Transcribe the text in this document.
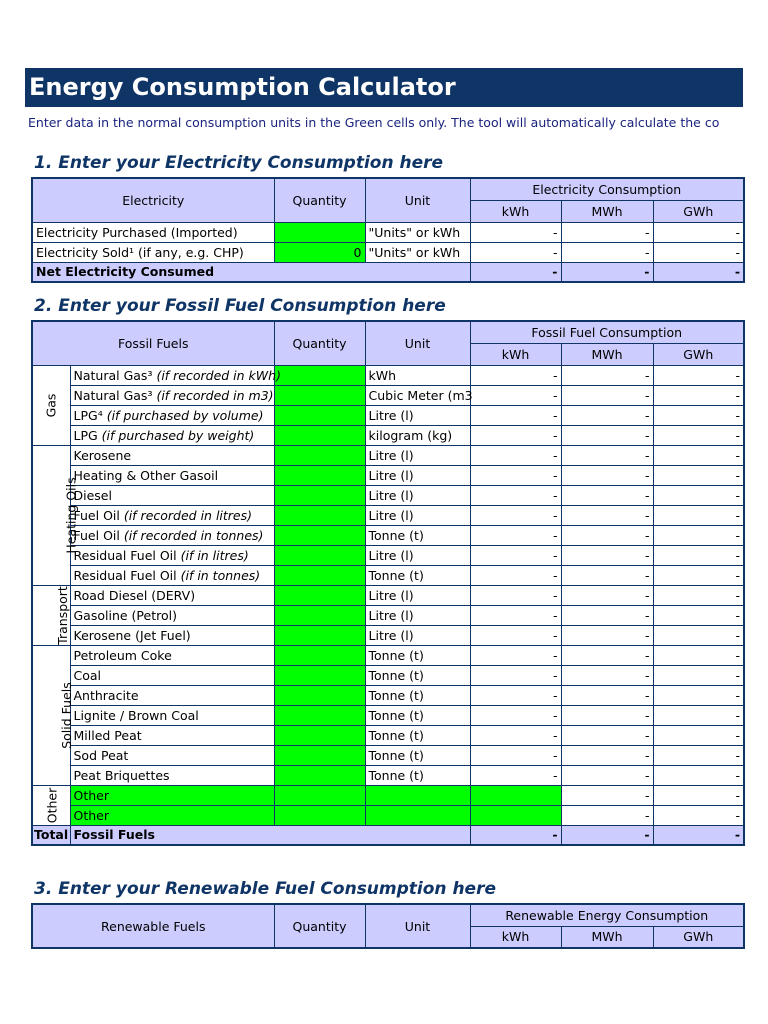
Energy Consumption Calculator
Enter data in the normal consumption units in the Green cells only. The tool will automatically calculate the co
1. Enter your Electricity Consumption here
Electricity	Quantity	Unit	Electricity Consumption		
			kWh	MWh	GWh
Electricity Purchased (Imported)		"Units" or kWh	-	-	-
Electricity Sold¹ (if any, e.g. CHP)	0	"Units" or kWh	-	-	-
Net Electricity Consumed			-	-	-
2. Enter your Fossil Fuel Consumption here
Fossil Fuels		Quantity	Unit	Fossil Fuel Consumption		
				kWh	MWh	GWh
Gas	Natural Gas³ (if recorded in kWh)		kWh	-	-	-
	Natural Gas³ (if recorded in m3)		Cubic Meter (m3	-	-	-
	LPG⁴ (if purchased by volume)		Litre (l)	-	-	-
	LPG (if purchased by weight)		kilogram (kg)	-	-	-
Heating Oils	Kerosene		Litre (l)	-	-	-
	Heating & Other Gasoil		Litre (l)	-	-	-
	Diesel		Litre (l)	-	-	-
	Fuel Oil (if recorded in litres)		Litre (l)	-	-	-
	Fuel Oil (if recorded in tonnes)		Tonne (t)	-	-	-
	Residual Fuel Oil (if in litres)		Litre (l)	-	-	-
	Residual Fuel Oil (if in tonnes)		Tonne (t)	-	-	-
Transport	Road Diesel (DERV)		Litre (l)	-	-	-
	Gasoline (Petrol)		Litre (l)	-	-	-
	Kerosene (Jet Fuel)		Litre (l)	-	-	-
Solid Fuels	Petroleum Coke		Tonne (t)	-	-	-
	Coal		Tonne (t)	-	-	-
	Anthracite		Tonne (t)	-	-	-
	Lignite / Brown Coal		Tonne (t)	-	-	-
	Milled Peat		Tonne (t)	-	-	-
	Sod Peat		Tonne (t)	-	-	-
	Peat Briquettes		Tonne (t)	-	-	-
Other	Other				-	-
	Other				-	-
Total	Fossil Fuels			-	-	-
3. Enter your Renewable Fuel Consumption here
Renewable Fuels	Quantity	Unit	Renewable Energy Consumption		
			kWh	MWh	GWh
